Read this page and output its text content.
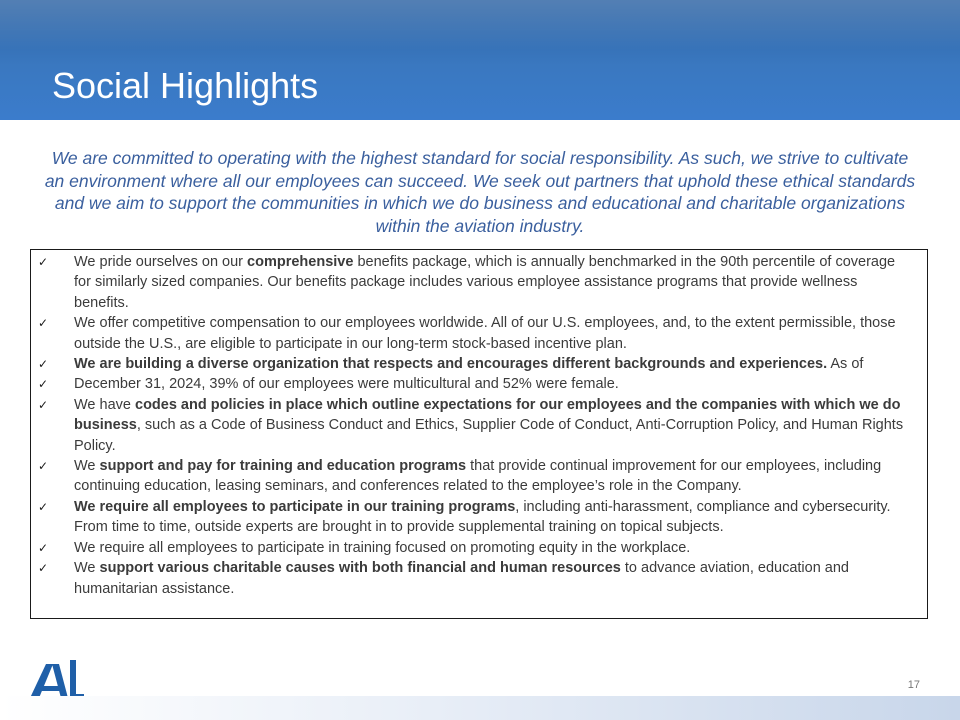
Social Highlights
We are committed to operating with the highest standard for social responsibility. As such, we strive to cultivate an environment where all our employees can succeed. We seek out partners that uphold these ethical standards and we aim to support the communities in which we do business and educational and charitable organizations within the aviation industry.
✓ We pride ourselves on our comprehensive benefits package, which is annually benchmarked in the 90th percentile of coverage for similarly sized companies. Our benefits package includes various employee assistance programs that provide wellness benefits.
✓ We offer competitive compensation to our employees worldwide. All of our U.S. employees, and, to the extent permissible, those outside the U.S., are eligible to participate in our long-term stock-based incentive plan.
✓ We are building a diverse organization that respects and encourages different backgrounds and experiences. As of
✓ December 31, 2024, 39% of our employees were multicultural and 52% were female.
✓ We have codes and policies in place which outline expectations for our employees and the companies with which we do business, such as a Code of Business Conduct and Ethics, Supplier Code of Conduct, Anti-Corruption Policy, and Human Rights Policy.
✓ We support and pay for training and education programs that provide continual improvement for our employees, including continuing education, leasing seminars, and conferences related to the employee’s role in the Company.
✓ We require all employees to participate in our training programs, including anti-harassment, compliance and cybersecurity. From time to time, outside experts are brought in to provide supplemental training on topical subjects.
✓ We require all employees to participate in training focused on promoting equity in the workplace.
✓ We support various charitable causes with both financial and human resources to advance aviation, education and humanitarian assistance.
17
